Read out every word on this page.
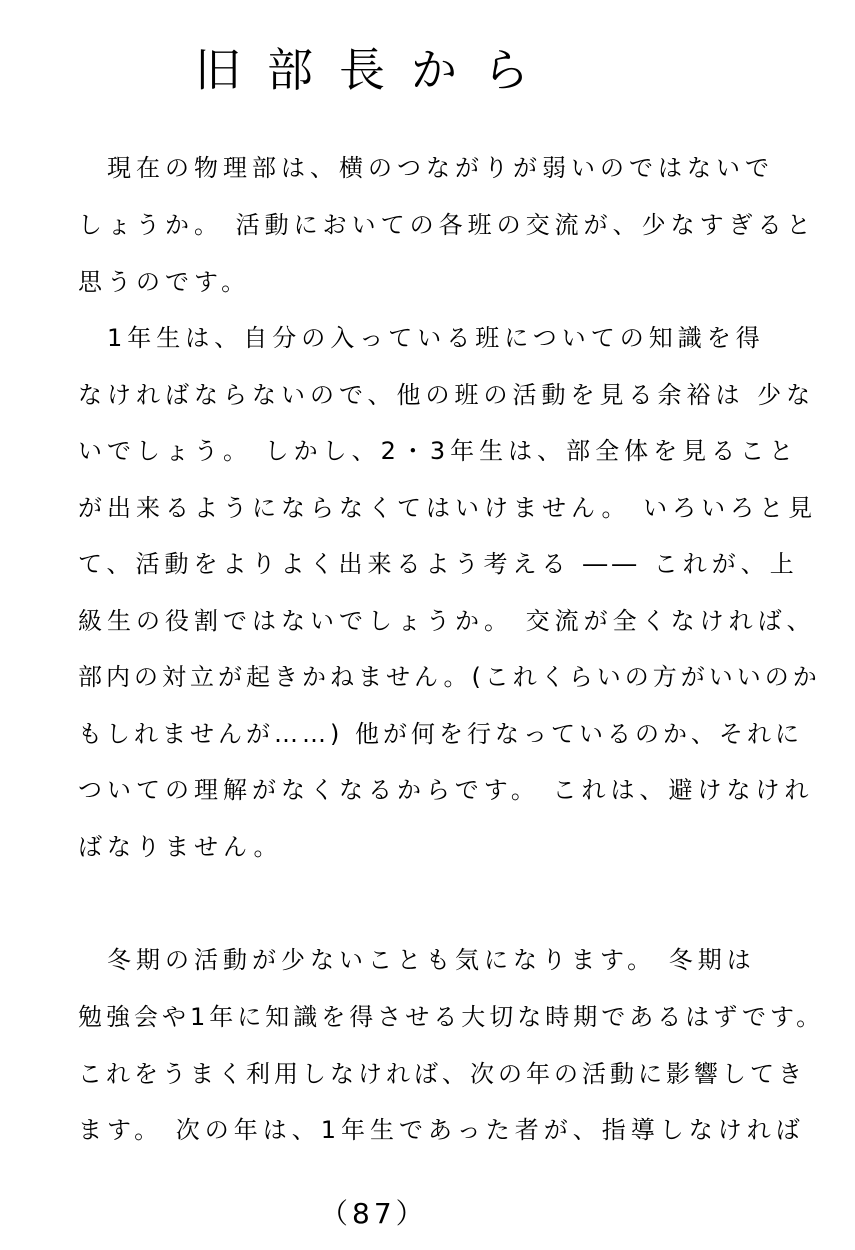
旧部長から
　現在の物理部は、横のつながりが弱いのではないで
しょうか。 活動においての各班の交流が、少なすぎると
思うのです。
　1年生は、自分の入っている班についての知識を得
なければならないので、他の班の活動を見る余裕は 少な
いでしょう。 しかし、2・3年生は、部全体を見ること
が出来るようにならなくてはいけません。 いろいろと見
て、活動をよりよく出来るよう考える ―― これが、上
級生の役割ではないでしょうか。 交流が全くなければ、
部内の対立が起きかねません。(これくらいの方がいいのか
もしれませんが……) 他が何を行なっているのか、それに
ついての理解がなくなるからです。 これは、避けなけれ
ばなりません。
　冬期の活動が少ないことも気になります。 冬期は
勉強会や1年に知識を得させる大切な時期であるはずです。
これをうまく利用しなければ、次の年の活動に影響してき
ます。 次の年は、1年生であった者が、指導しなければ
（87）
